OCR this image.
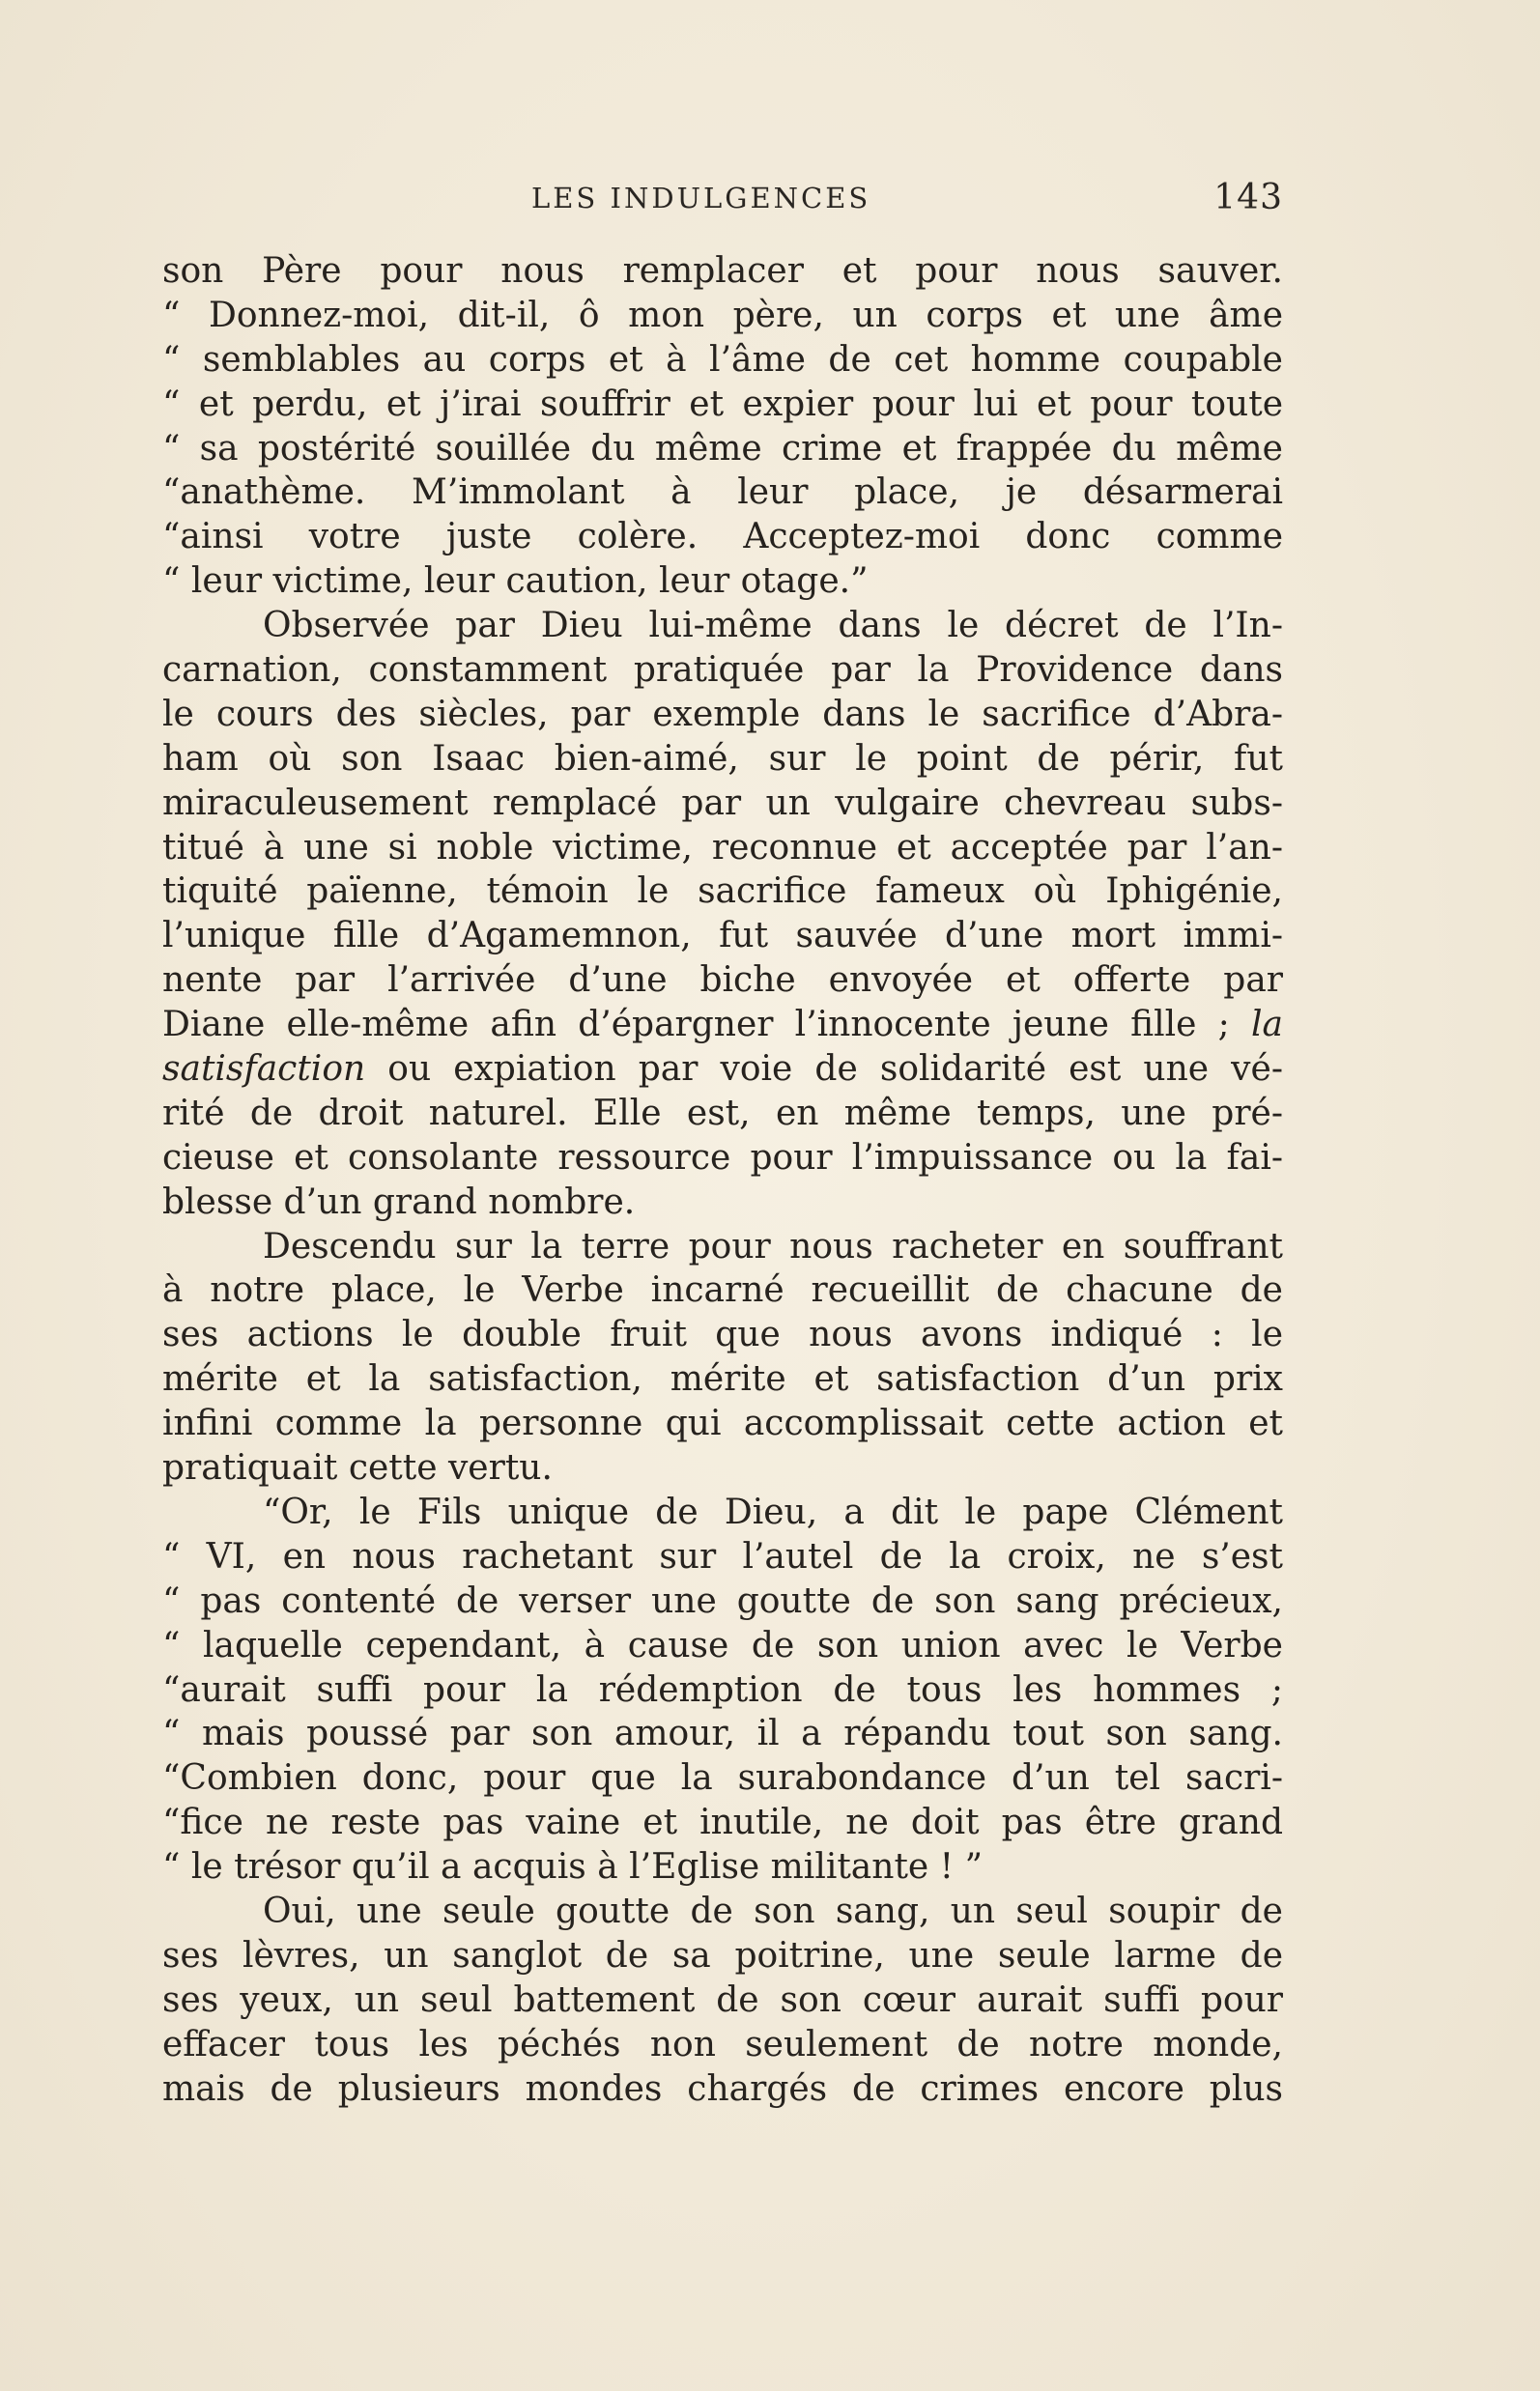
LES INDULGENCES	143
son Père pour nous remplacer et pour nous sauver.
“ Donnez-moi, dit-il, ô mon père, un corps et une âme
“ semblables au corps et à l’âme de cet homme coupable
“ et perdu, et j’irai souffrir et expier pour lui et pour toute
“ sa postérité souillée du même crime et frappée du même
“anathème. M’immolant à leur place, je désarmerai
“ainsi votre juste colère. Acceptez-moi donc comme
“ leur victime, leur caution, leur otage.”
Observée par Dieu lui-même dans le décret de l’In-
carnation, constamment pratiquée par la Providence dans
le cours des siècles, par exemple dans le sacrifice d’Abra-
ham où son Isaac bien-aimé, sur le point de périr, fut
miraculeusement remplacé par un vulgaire chevreau subs-
titué à une si noble victime, reconnue et acceptée par l’an-
tiquité païenne, témoin le sacrifice fameux où Iphigénie,
l’unique fille d’Agamemnon, fut sauvée d’une mort immi-
nente par l’arrivée d’une biche envoyée et offerte par
Diane elle-même afin d’épargner l’innocente jeune fille ; la
satisfaction ou expiation par voie de solidarité est une vé-
rité de droit naturel. Elle est, en même temps, une pré-
cieuse et consolante ressource pour l’impuissance ou la fai-
blesse d’un grand nombre.
Descendu sur la terre pour nous racheter en souffrant
à notre place, le Verbe incarné recueillit de chacune de
ses actions le double fruit que nous avons indiqué : le
mérite et la satisfaction, mérite et satisfaction d’un prix
infini comme la personne qui accomplissait cette action et
pratiquait cette vertu.
“Or, le Fils unique de Dieu, a dit le pape Clément
“ VI, en nous rachetant sur l’autel de la croix, ne s’est
“ pas contenté de verser une goutte de son sang précieux,
“ laquelle cependant, à cause de son union avec le Verbe
“aurait suffi pour la rédemption de tous les hommes ;
“ mais poussé par son amour, il a répandu tout son sang.
“Combien donc, pour que la surabondance d’un tel sacri-
“fice ne reste pas vaine et inutile, ne doit pas être grand
“ le trésor qu’il a acquis à l’Eglise militante ! ”
Oui, une seule goutte de son sang, un seul soupir de
ses lèvres, un sanglot de sa poitrine, une seule larme de
ses yeux, un seul battement de son cœur aurait suffi pour
effacer tous les péchés non seulement de notre monde,
mais de plusieurs mondes chargés de crimes encore plus
